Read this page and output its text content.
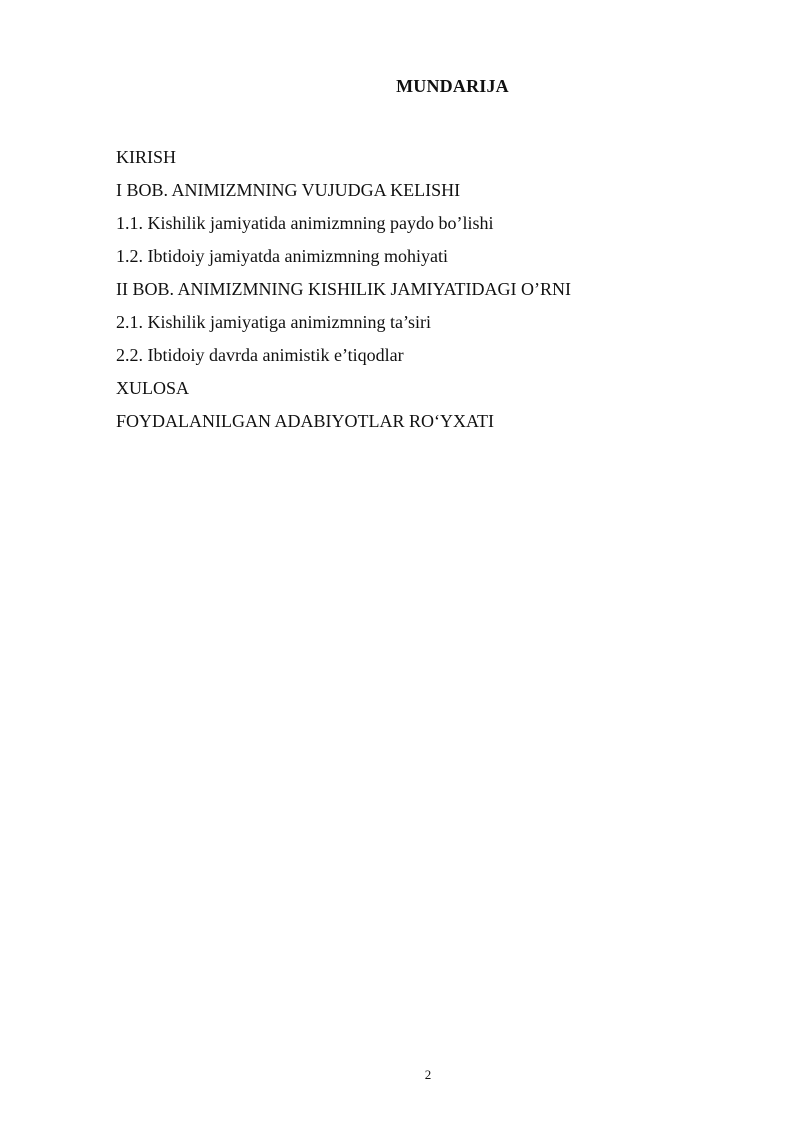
MUNDARIJA
KIRISH
I BOB. ANIMIZMNING VUJUDGA KELISHI
1.1. Kishilik jamiyatida animizmning paydo bo’lishi
1.2. Ibtidoiy jamiyatda animizmning mohiyati
II BOB. ANIMIZMNING KISHILIK JAMIYATIDAGI O’RNI
2.1. Kishilik jamiyatiga animizmning ta’siri
2.2. Ibtidoiy davrda animistik e’tiqodlar
XULOSA
FOYDALANILGAN ADABIYOTLAR RO‘YXATI
2
